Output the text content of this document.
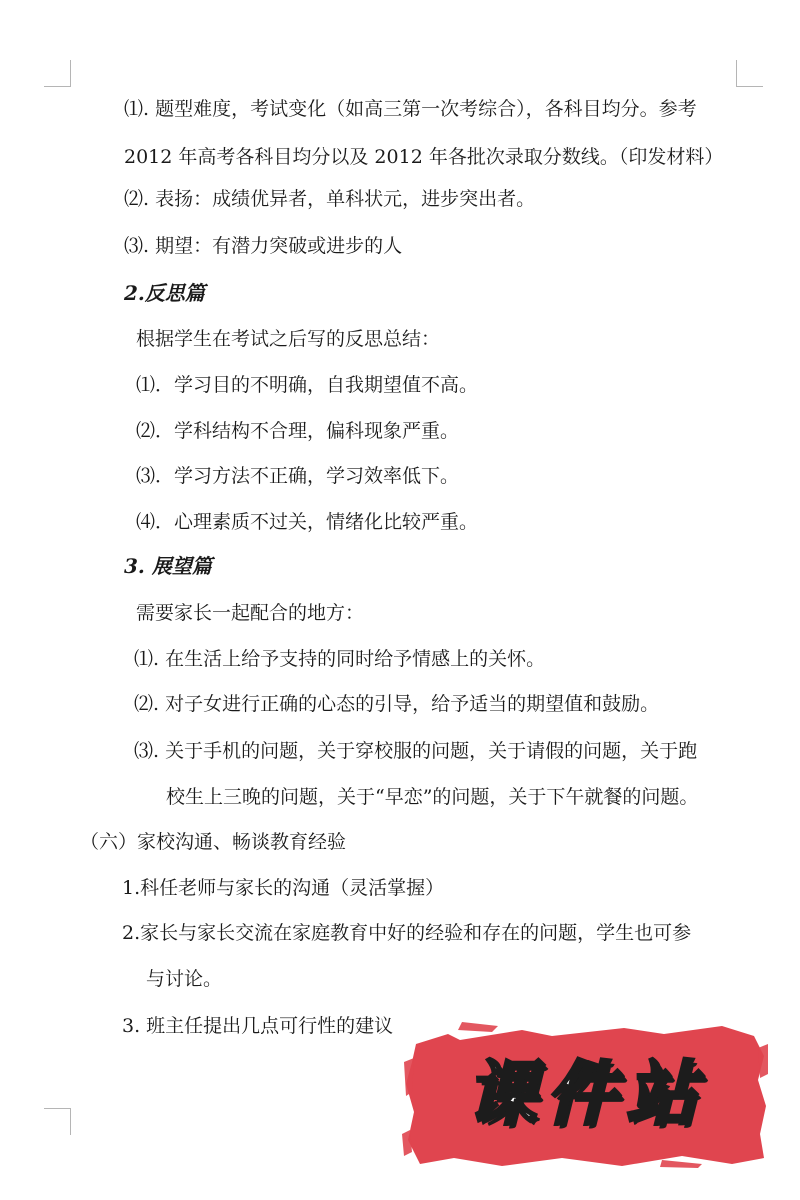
⑴. 题型难度，考试变化（如高三第一次考综合），各科目均分。参考
2012 年高考各科目均分以及 2012 年各批次录取分数线。（印发材料）
⑵. 表扬：成绩优异者，单科状元，进步突出者。
⑶. 期望：有潜力突破或进步的人
2.反思篇
根据学生在考试之后写的反思总结：
⑴．学习目的不明确，自我期望值不高。
⑵．学科结构不合理，偏科现象严重。
⑶．学习方法不正确，学习效率低下。
⑷．心理素质不过关，情绪化比较严重。
3. 展望篇
需要家长一起配合的地方：
⑴. 在生活上给予支持的同时给予情感上的关怀。
⑵. 对子女进行正确的心态的引导，给予适当的期望值和鼓励。
⑶. 关于手机的问题，关于穿校服的问题，关于请假的问题，关于跑
校生上三晚的问题，关于“早恋”的问题，关于下午就餐的问题。
（六）家校沟通、畅谈教育经验
1.科任老师与家长的沟通（灵活掌握）
2.家长与家长交流在家庭教育中好的经验和存在的问题，学生也可参
与讨论。
3. 班主任提出几点可行性的建议
课件站
